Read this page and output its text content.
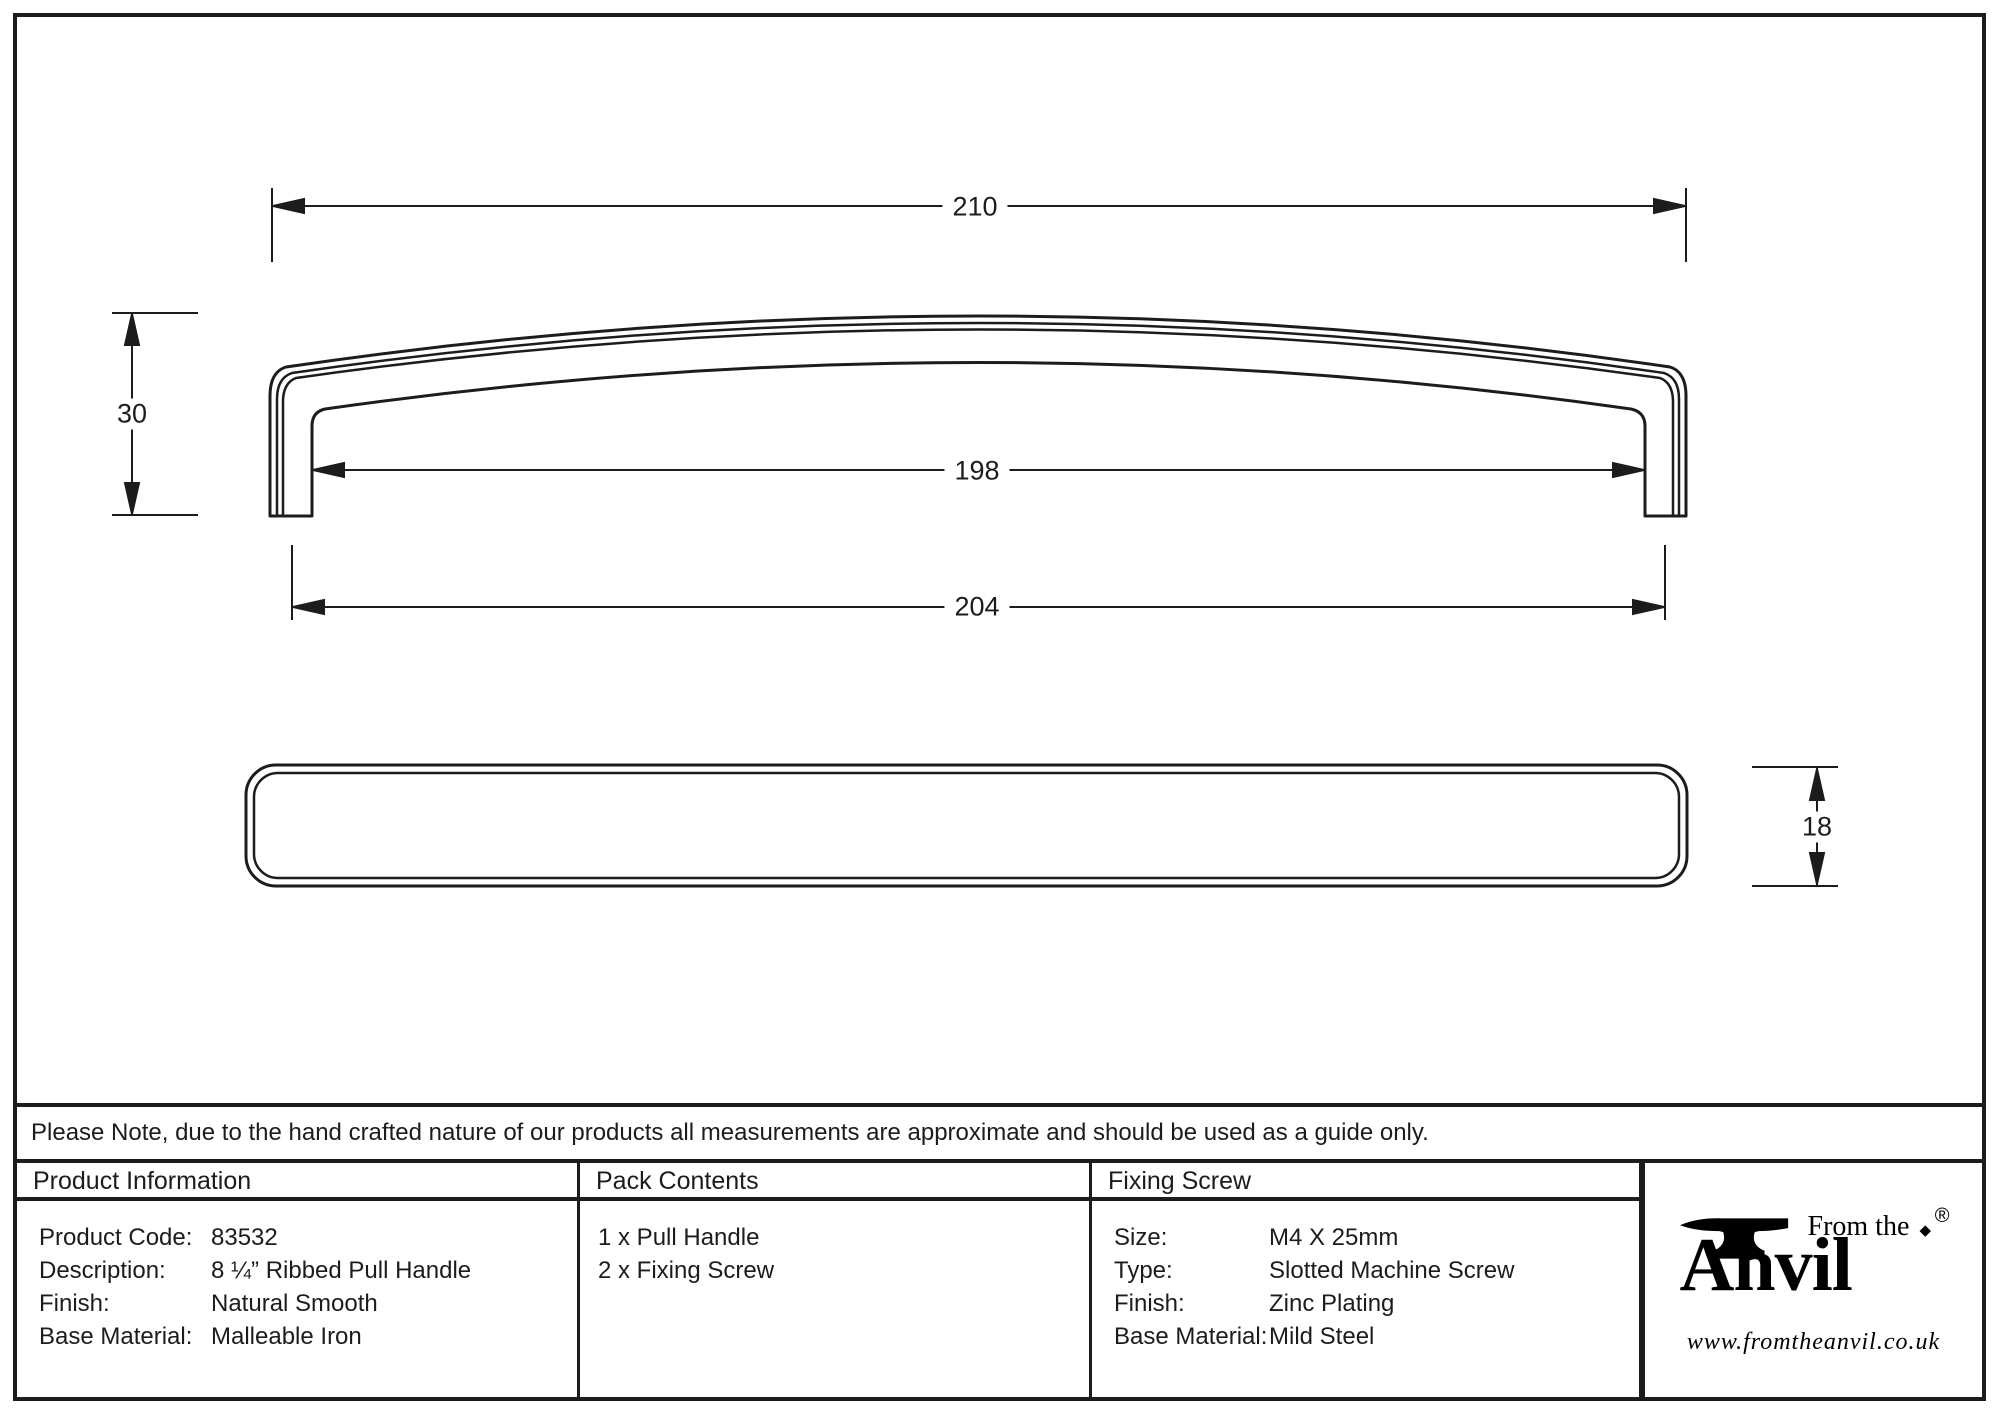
210
30
198
204
18
Please Note, due to the hand crafted nature of our products all measurements are approximate and should be used as a guide only.
Product Information	Pack Contents	Fixing Screw
Product Code: 83532
Description: 8 ¼” Ribbed Pull Handle
Finish:	Natural Smooth
Base Material: Malleable Iron
1 x Pull Handle
2 x Fixing Screw
Size:	M4 X 25mm
Type:	Slotted Machine Screw
Finish:	Zinc Plating
Base Material:Mild Steel
From the ◆
Anvil
®
www.fromtheanvil.co.uk
